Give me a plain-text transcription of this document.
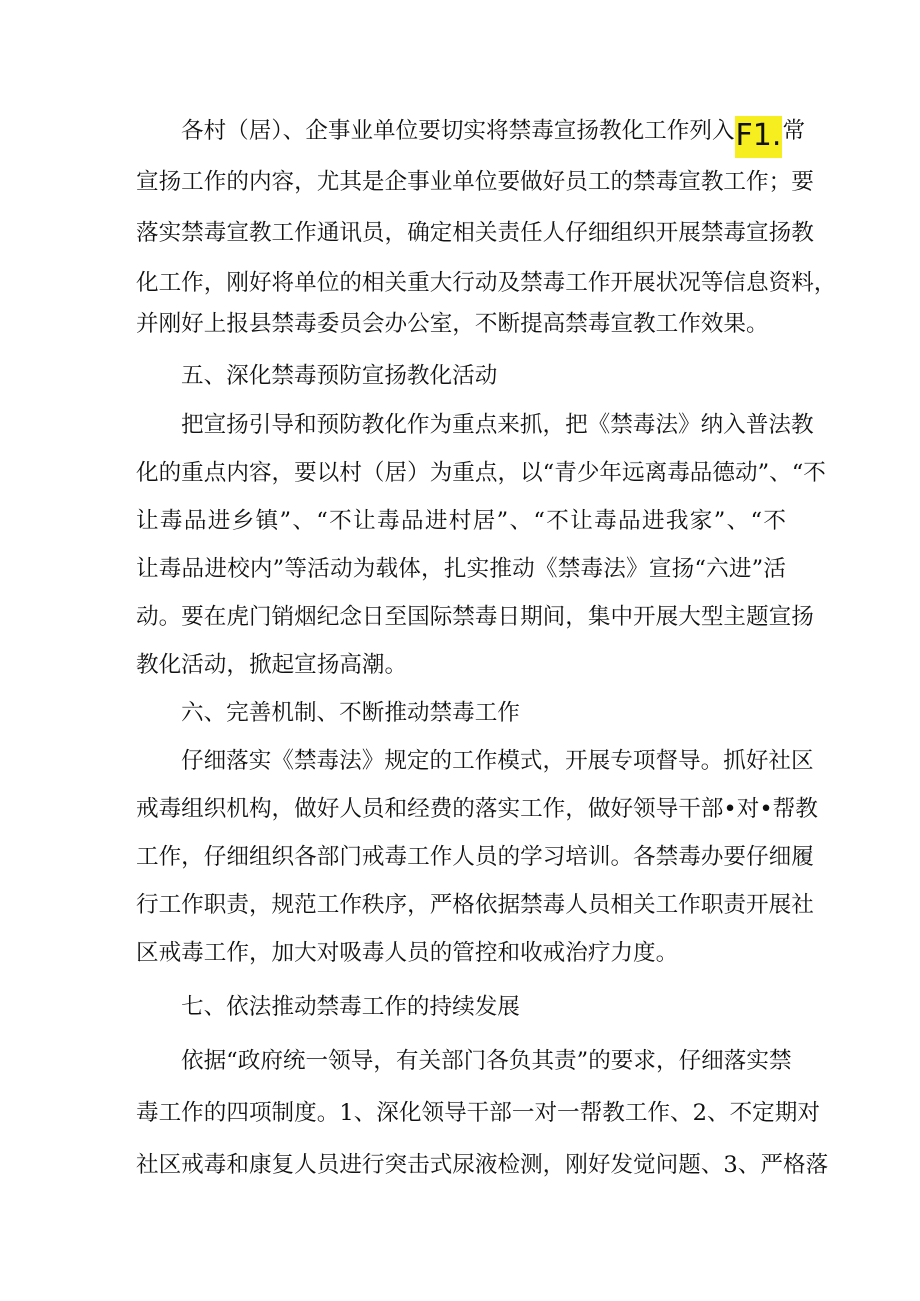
各村（居）、企事业单位要切实将禁毒宣扬教化工作列入F1.常
宣扬工作的内容，尤其是企事业单位要做好员工的禁毒宣教工作；要
落实禁毒宣教工作通讯员，确定相关责任人仔细组织开展禁毒宣扬教
化工作，刚好将单位的相关重大行动及禁毒工作开展状况等信息资料，
并刚好上报县禁毒委员会办公室，不断提高禁毒宣教工作效果。
五、深化禁毒预防宣扬教化活动
把宣扬引导和预防教化作为重点来抓，把《禁毒法》纳入普法教
化的重点内容，要以村（居）为重点，以“青少年远离毒品德动”、“不
让毒品进乡镇”、“不让毒品进村居”、“不让毒品进我家”、“不
让毒品进校内”等活动为载体，扎实推动《禁毒法》宣扬“六进”活
动。要在虎门销烟纪念日至国际禁毒日期间，集中开展大型主题宣扬
教化活动，掀起宣扬高潮。
六、完善机制、不断推动禁毒工作
仔细落实《禁毒法》规定的工作模式，开展专项督导。抓好社区
戒毒组织机构，做好人员和经费的落实工作，做好领导干部•对•帮教
工作，仔细组织各部门戒毒工作人员的学习培训。各禁毒办要仔细履
行工作职责，规范工作秩序，严格依据禁毒人员相关工作职责开展社
区戒毒工作，加大对吸毒人员的管控和收戒治疗力度。
七、依法推动禁毒工作的持续发展
依据“政府统一领导，有关部门各负其责”的要求，仔细落实禁
毒工作的四项制度。1、深化领导干部一对一帮教工作、2、不定期对
社区戒毒和康复人员进行突击式尿液检测，刚好发觉问题、3、严格落
